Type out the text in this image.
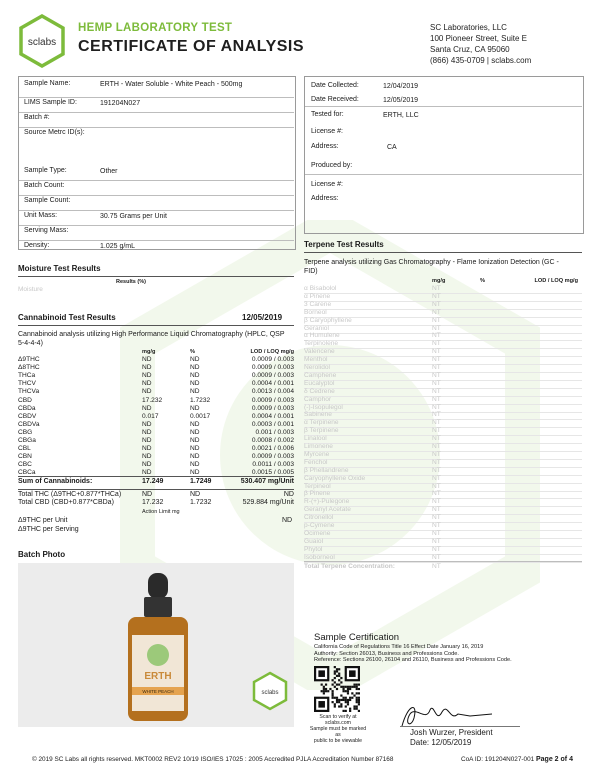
sclabs
HEMP LABORATORY TEST
CERTIFICATE OF ANALYSIS
SC Laboratories, LLC
100 Pioneer Street, Suite E
Santa Cruz, CA 95060
(866) 435-0709 | sclabs.com
Sample Name:	ERTH - Water Soluble - White Peach - 500mg
LIMS Sample ID:	191204N027
Batch #:
Source Metrc ID(s):
Sample Type:	Other
Batch Count:
Sample Count:
Unit Mass:	30.75 Grams per Unit
Serving Mass:
Density:	1.025 g/mL
Date Collected:	12/04/2019
Date Received:	12/05/2019
Tested for:	ERTH, LLC
License #:
Address:	CA
Produced by:
License #:
Address:
Moisture Test Results
Results (%)
Moisture
Cannabinoid Test Results	12/05/2019
Cannabinoid analysis utilizing High Performance Liquid Chromatography (HPLC, QSP 5-4-4-4)
mg/g	%	LOD / LOQ mg/g
Δ9THC	ND	ND	0.0009 / 0.003
Δ8THC	ND	ND	0.0009 / 0.003
THCa	ND	ND	0.0009 / 0.003
THCV	ND	ND	0.0004 / 0.001
THCVa	ND	ND	0.0013 / 0.004
CBD	17.232	1.7232	0.0009 / 0.003
CBDa	ND	ND	0.0009 / 0.003
CBDV	0.017	0.0017	0.0004 / 0.001
CBDVa	ND	ND	0.0003 / 0.001
CBG	ND	ND	0.001 / 0.003
CBGa	ND	ND	0.0008 / 0.002
CBL	ND	ND	0.0021 / 0.006
CBN	ND	ND	0.0009 / 0.003
CBC	ND	ND	0.0011 / 0.003
CBCa	ND	ND	0.0015 / 0.005
Sum of Cannabinoids:	17.249	1.7249	530.407 mg/Unit
Total THC (Δ9THC+0.877*THCa)	ND	ND	ND
Total CBD (CBD+0.877*CBDa)	17.232	1.7232	529.884 mg/Unit
Action Limit mg
Δ9THC per Unit	ND
Δ9THC per Serving
Terpene Test Results
Terpene analysis utilizing Gas Chromatography - Flame Ionization Detection (GC - FID)
mg/g	%	LOD / LOQ mg/g
α Bisabolol	NT
α Pinene	NT
3 Carene	NT
Borneol	NT
β Caryophyllene	NT
Geraniol	NT
α Humulene	NT
Terpinolene	NT
Valencene	NT
Menthol	NT
Nerolidol	NT
Camphene	NT
Eucalyptol	NT
δ Cedrene	NT
Camphor	NT
(-)-Isopulegol	NT
Sabinene	NT
α Terpinene	NT
β Terpinene	NT
Linalool	NT
Limonene	NT
Myrcene	NT
Fenchol	NT
β Phellandrene	NT
Caryophyllene Oxide	NT
Terpineol	NT
β Pinene	NT
R-(+)-Pulegone	NT
Geranyl Acetate	NT
Citronellol	NT
p-Cymene	NT
Ocimene	NT
Guaiol	NT
Phytol	NT
Isoborneol	NT
Total Terpene Concentration:	NT
Batch Photo
ERTH
WHITE PEACH	sclabs
Sample Certification
California Code of Regulations Title 16 Effect Date January 16, 2019
Authority: Section 26013, Business and Professions Code.
Reference: Sections 26100, 26104 and 26110, Business and Professions Code.
Scan to verify at sclabs.com
Sample must be marked as
public to be viewable
Josh Wurzer, President
Date: 12/05/2019
© 2019 SC Labs all rights reserved. MKT0002 REV2 10/19 ISO/IES 17025 : 2005 Accredited PJLA Accreditation Number 87168	CoA ID: 191204N027-001 Page 2 of 4
